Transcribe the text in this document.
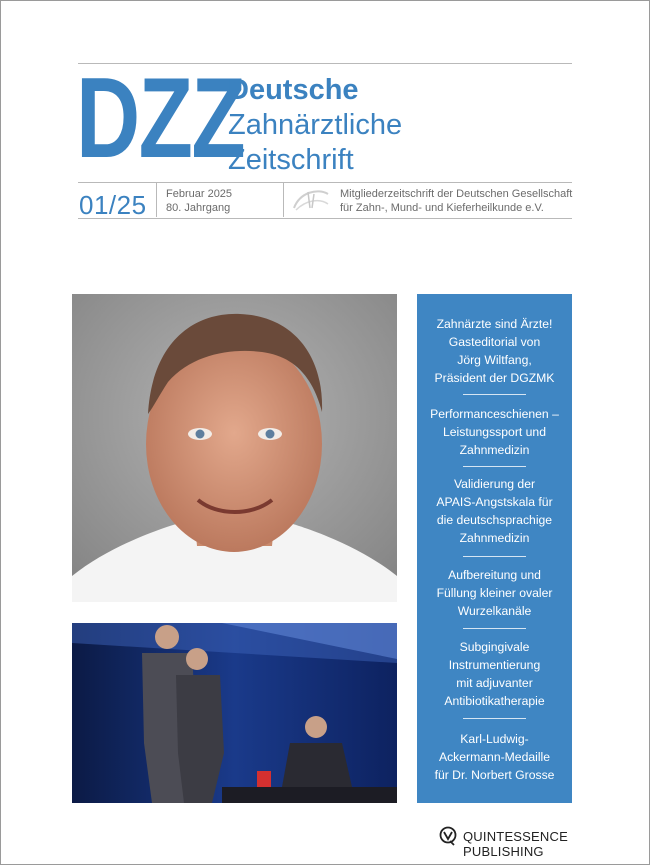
DZZ
Deutsche
Zahnärztliche
Zeitschrift
01/25 Februar 2025
80. Jahrgang
Mitgliederzeitschrift der Deutschen Gesellschaft
für Zahn-, Mund- und Kieferheilkunde e.V.
Zahnärzte sind Ärzte!
Gasteditorial von
Jörg Wiltfang,
Präsident der DGZMK
Performanceschienen –
Leistungssport und
Zahnmedizin
Validierung der
APAIS-Angstskala für
die deutschsprachige
Zahnmedizin
Aufbereitung und
Füllung kleiner ovaler
Wurzelkanäle
Subgingivale
Instrumentierung
mit adjuvanter
Antibiotikatherapie
Karl-Ludwig-
Ackermann-Medaille
für Dr. Norbert Grosse
QUINTESSENCE PUBLISHING
